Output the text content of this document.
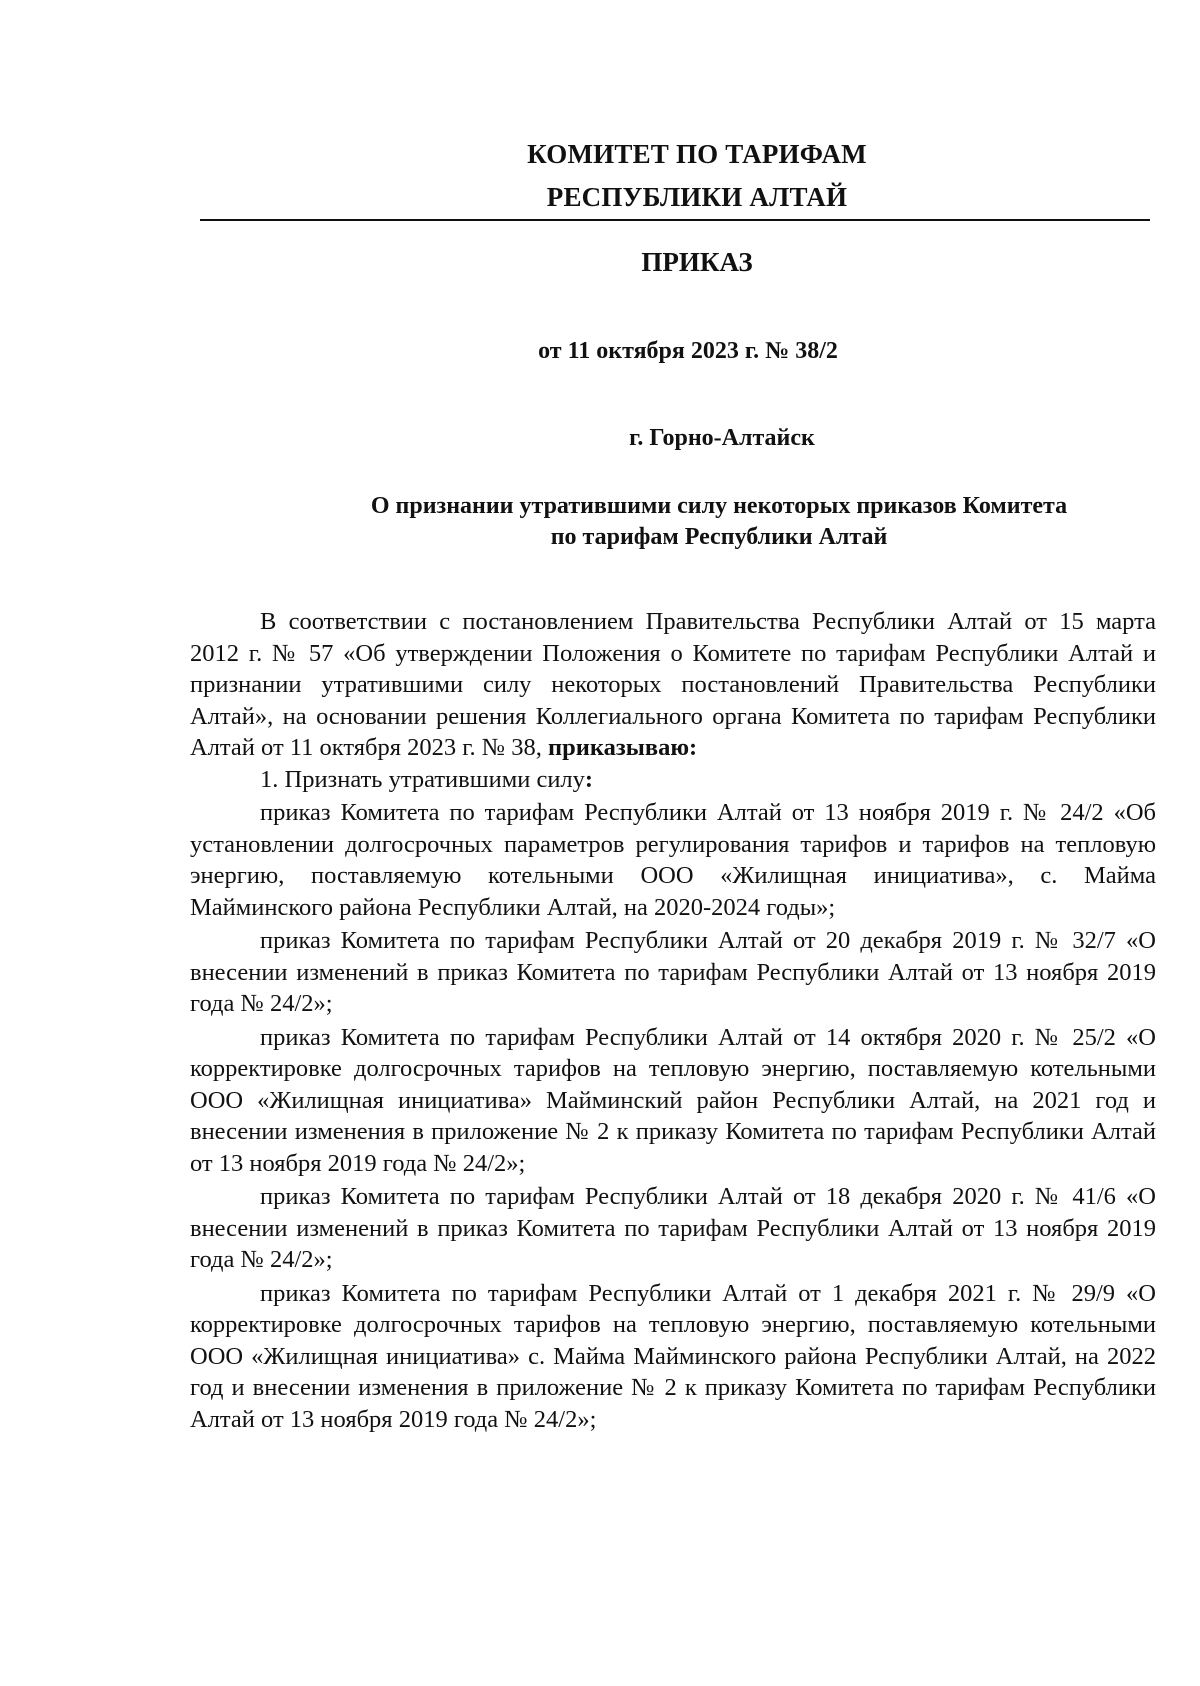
КОМИТЕТ ПО ТАРИФАМ
РЕСПУБЛИКИ АЛТАЙ
ПРИКАЗ
от 11 октября 2023 г. № 38/2
г. Горно-Алтайск
О признании утратившими силу некоторых приказов Комитета
по тарифам Республики Алтай

В соответствии с постановлением Правительства Республики Алтай от 15 марта 2012 г. № 57 «Об утверждении Положения о Комитете по тарифам Республики Алтай и признании утратившими силу некоторых постановлений Правительства Республики Алтай», на основании решения Коллегиального органа Комитета по тарифам Республики Алтай от 11 октября 2023 г. № 38, приказываю:

1. Признать утратившими силу:

приказ Комитета по тарифам Республики Алтай от 13 ноября 2019 г. № 24/2 «Об установлении долгосрочных параметров регулирования тарифов и тарифов на тепловую энергию, поставляемую котельными ООО «Жилищная инициатива», с. Майма Майминского района Республики Алтай, на 2020-2024 годы»;

приказ Комитета по тарифам Республики Алтай от 20 декабря 2019 г. № 32/7 «О внесении изменений в приказ Комитета по тарифам Республики Алтай от 13 ноября 2019 года № 24/2»;

приказ Комитета по тарифам Республики Алтай от 14 октября 2020 г. № 25/2 «О корректировке долгосрочных тарифов на тепловую энергию, поставляемую котельными ООО «Жилищная инициатива» Майминский район Республики Алтай, на 2021 год и внесении изменения в приложение № 2 к приказу Комитета по тарифам Республики Алтай от 13 ноября 2019 года № 24/2»;

приказ Комитета по тарифам Республики Алтай от 18 декабря 2020 г. № 41/6 «О внесении изменений в приказ Комитета по тарифам Республики Алтай от 13 ноября 2019 года № 24/2»;

приказ Комитета по тарифам Республики Алтай от 1 декабря 2021 г. № 29/9 «О корректировке долгосрочных тарифов на тепловую энергию, поставляемую котельными ООО «Жилищная инициатива» с. Майма Майминского района Республики Алтай, на 2022 год и внесении изменения в приложение № 2 к приказу Комитета по тарифам Республики Алтай от 13 ноября 2019 года № 24/2»;
